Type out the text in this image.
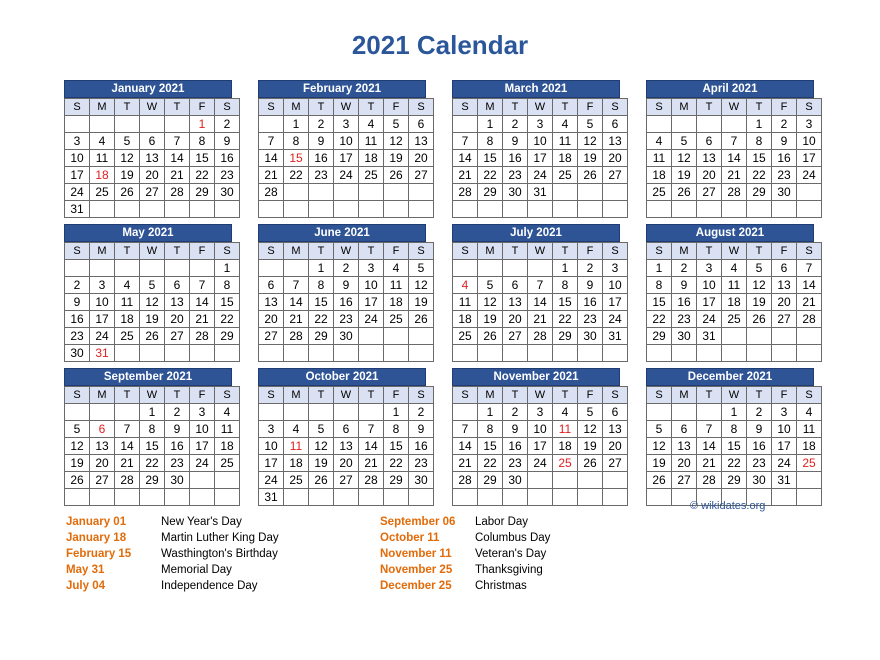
2021 Calendar
January 2021
S	M	T	W	T	F	S
					1	2
3	4	5	6	7	8	9
10	11	12	13	14	15	16
17	18	19	20	21	22	23
24	25	26	27	28	29	30
31						
February 2021
S	M	T	W	T	F	S
	1	2	3	4	5	6
7	8	9	10	11	12	13
14	15	16	17	18	19	20
21	22	23	24	25	26	27
28						

March 2021
S	M	T	W	T	F	S
	1	2	3	4	5	6
7	8	9	10	11	12	13
14	15	16	17	18	19	20
21	22	23	24	25	26	27
28	29	30	31			

April 2021
S	M	T	W	T	F	S
				1	2	3
4	5	6	7	8	9	10
11	12	13	14	15	16	17
18	19	20	21	22	23	24
25	26	27	28	29	30	

May 2021
S	M	T	W	T	F	S
						1
2	3	4	5	6	7	8
9	10	11	12	13	14	15
16	17	18	19	20	21	22
23	24	25	26	27	28	29
30	31					
June 2021
S	M	T	W	T	F	S
		1	2	3	4	5
6	7	8	9	10	11	12
13	14	15	16	17	18	19
20	21	22	23	24	25	26
27	28	29	30			

July 2021
S	M	T	W	T	F	S
				1	2	3
4	5	6	7	8	9	10
11	12	13	14	15	16	17
18	19	20	21	22	23	24
25	26	27	28	29	30	31

August 2021
S	M	T	W	T	F	S
1	2	3	4	5	6	7
8	9	10	11	12	13	14
15	16	17	18	19	20	21
22	23	24	25	26	27	28
29	30	31				

September 2021
S	M	T	W	T	F	S
			1	2	3	4
5	6	7	8	9	10	11
12	13	14	15	16	17	18
19	20	21	22	23	24	25
26	27	28	29	30		

October 2021
S	M	T	W	T	F	S
					1	2
3	4	5	6	7	8	9
10	11	12	13	14	15	16
17	18	19	20	21	22	23
24	25	26	27	28	29	30
31						
November 2021
S	M	T	W	T	F	S
	1	2	3	4	5	6
7	8	9	10	11	12	13
14	15	16	17	18	19	20
21	22	23	24	25	26	27
28	29	30				

December 2021
S	M	T	W	T	F	S
			1	2	3	4
5	6	7	8	9	10	11
12	13	14	15	16	17	18
19	20	21	22	23	24	25
26	27	28	29	30	31	

© wikidates.org
January 01	New Year's Day
January 18	Martin Luther King Day
February 15	Wasthington's Birthday
May 31	Memorial Day
July 04	Independence Day
September 06 Labor Day
October 11	Columbus Day
November 11 Veteran's Day
November 25 Thanksgiving
December 25 Christmas
